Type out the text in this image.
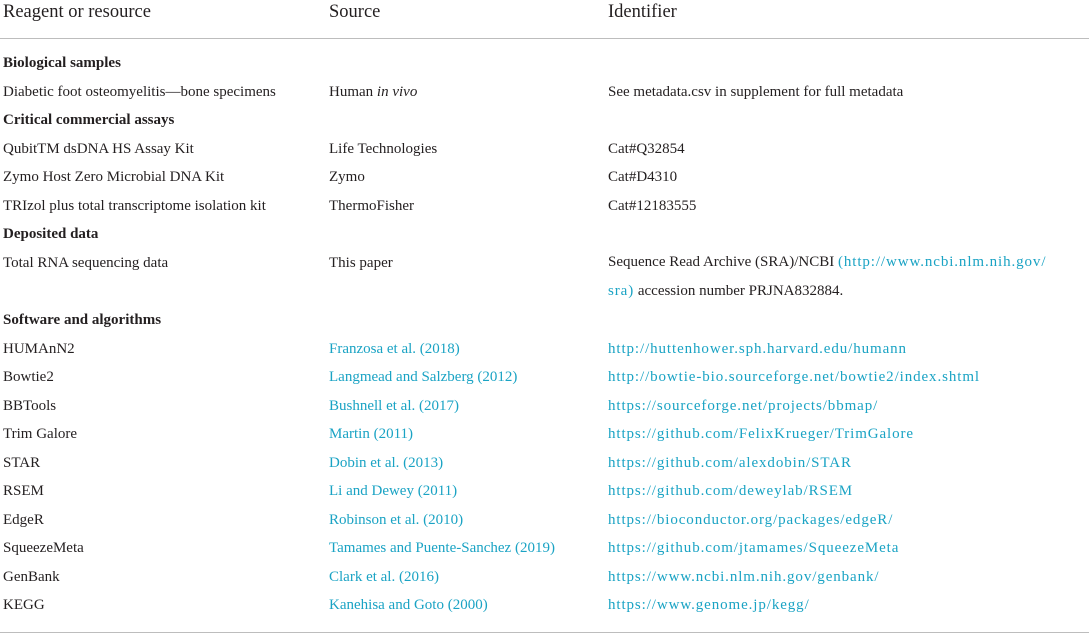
Reagent or resource	Source	Identifier
Biological samples
Diabetic foot osteomyelitis—bone specimens	Human in vivo	See metadata.csv in supplement for full metadata
Critical commercial assays
QubitTM dsDNA HS Assay Kit	Life Technologies	Cat#Q32854
Zymo Host Zero Microbial DNA Kit	Zymo	Cat#D4310
TRIzol plus total transcriptome isolation kit	ThermoFisher	Cat#12183555
Deposited data
Total RNA sequencing data	This paper	Sequence Read Archive (SRA)/NCBI (http://www.ncbi.nlm.nih.gov/
sra) accession number PRJNA832884.
Software and algorithms
HUMAnN2	Franzosa et al. (2018)	http://huttenhower.sph.harvard.edu/humann
Bowtie2	Langmead and Salzberg (2012)	http://bowtie-bio.sourceforge.net/bowtie2/index.shtml
BBTools	Bushnell et al. (2017)	https://sourceforge.net/projects/bbmap/
Trim Galore	Martin (2011)	https://github.com/FelixKrueger/TrimGalore
STAR	Dobin et al. (2013)	https://github.com/alexdobin/STAR
RSEM	Li and Dewey (2011)	https://github.com/deweylab/RSEM
EdgeR	Robinson et al. (2010)	https://bioconductor.org/packages/edgeR/
SqueezeMeta	Tamames and Puente-Sanchez (2019)	https://github.com/jtamames/SqueezeMeta
GenBank	Clark et al. (2016)	https://www.ncbi.nlm.nih.gov/genbank/
KEGG	Kanehisa and Goto (2000)	https://www.genome.jp/kegg/
